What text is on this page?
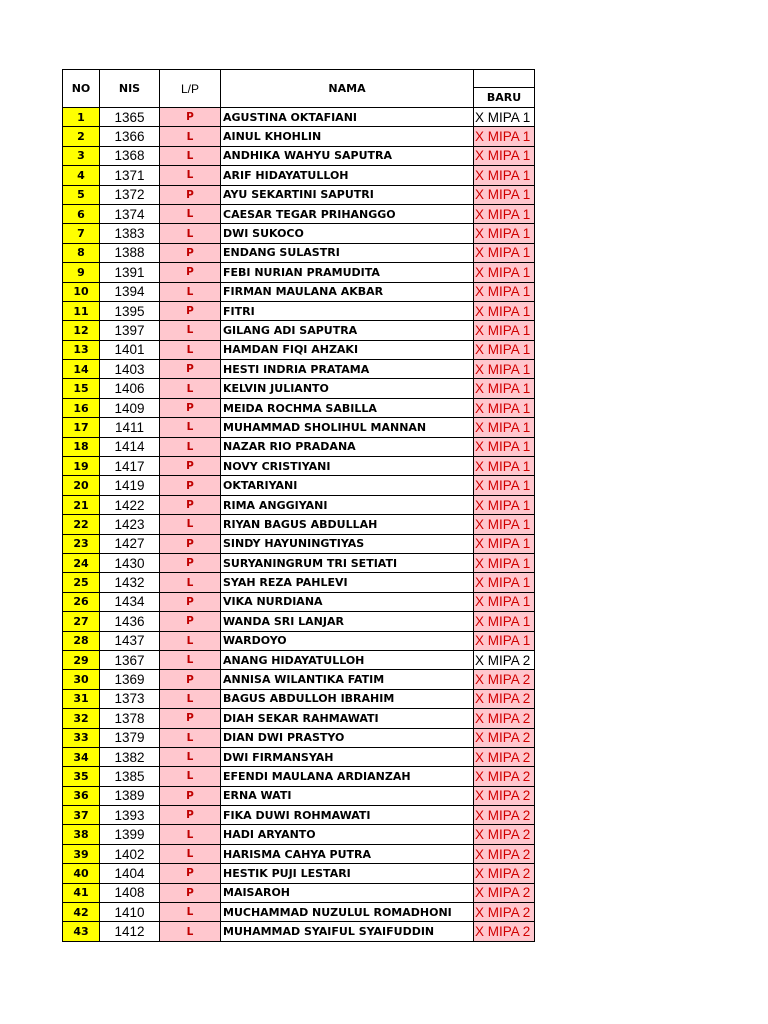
NO	NIS	L/P	NAMA	
				BARU
1	1365	P	AGUSTINA OKTAFIANI	X MIPA 1
2	1366	L	AINUL KHOHLIN	X MIPA 1
3	1368	L	ANDHIKA WAHYU SAPUTRA	X MIPA 1
4	1371	L	ARIF HIDAYATULLOH	X MIPA 1
5	1372	P	AYU SEKARTINI SAPUTRI	X MIPA 1
6	1374	L	CAESAR TEGAR PRIHANGGO	X MIPA 1
7	1383	L	DWI SUKOCO	X MIPA 1
8	1388	P	ENDANG SULASTRI	X MIPA 1
9	1391	P	FEBI NURIAN PRAMUDITA	X MIPA 1
10	1394	L	FIRMAN MAULANA AKBAR	X MIPA 1
11	1395	P	FITRI	X MIPA 1
12	1397	L	GILANG ADI SAPUTRA	X MIPA 1
13	1401	L	HAMDAN FIQI AHZAKI	X MIPA 1
14	1403	P	HESTI INDRIA PRATAMA	X MIPA 1
15	1406	L	KELVIN JULIANTO	X MIPA 1
16	1409	P	MEIDA ROCHMA SABILLA	X MIPA 1
17	1411	L	MUHAMMAD SHOLIHUL MANNAN	X MIPA 1
18	1414	L	NAZAR RIO PRADANA	X MIPA 1
19	1417	P	NOVY CRISTIYANI	X MIPA 1
20	1419	P	OKTARIYANI	X MIPA 1
21	1422	P	RIMA ANGGIYANI	X MIPA 1
22	1423	L	RIYAN BAGUS ABDULLAH	X MIPA 1
23	1427	P	SINDY HAYUNINGTIYAS	X MIPA 1
24	1430	P	SURYANINGRUM TRI SETIATI	X MIPA 1
25	1432	L	SYAH REZA PAHLEVI	X MIPA 1
26	1434	P	VIKA NURDIANA	X MIPA 1
27	1436	P	WANDA SRI LANJAR	X MIPA 1
28	1437	L	WARDOYO	X MIPA 1
29	1367	L	ANANG HIDAYATULLOH	X MIPA 2
30	1369	P	ANNISA WILANTIKA FATIM	X MIPA 2
31	1373	L	BAGUS ABDULLOH IBRAHIM	X MIPA 2
32	1378	P	DIAH SEKAR RAHMAWATI	X MIPA 2
33	1379	L	DIAN DWI PRASTYO	X MIPA 2
34	1382	L	DWI FIRMANSYAH	X MIPA 2
35	1385	L	EFENDI MAULANA ARDIANZAH	X MIPA 2
36	1389	P	ERNA WATI	X MIPA 2
37	1393	P	FIKA DUWI ROHMAWATI	X MIPA 2
38	1399	L	HADI ARYANTO	X MIPA 2
39	1402	L	HARISMA CAHYA PUTRA	X MIPA 2
40	1404	P	HESTIK PUJI LESTARI	X MIPA 2
41	1408	P	MAISAROH	X MIPA 2
42	1410	L	MUCHAMMAD NUZULUL ROMADHONI	X MIPA 2
43	1412	L	MUHAMMAD SYAIFUL SYAIFUDDIN	X MIPA 2
